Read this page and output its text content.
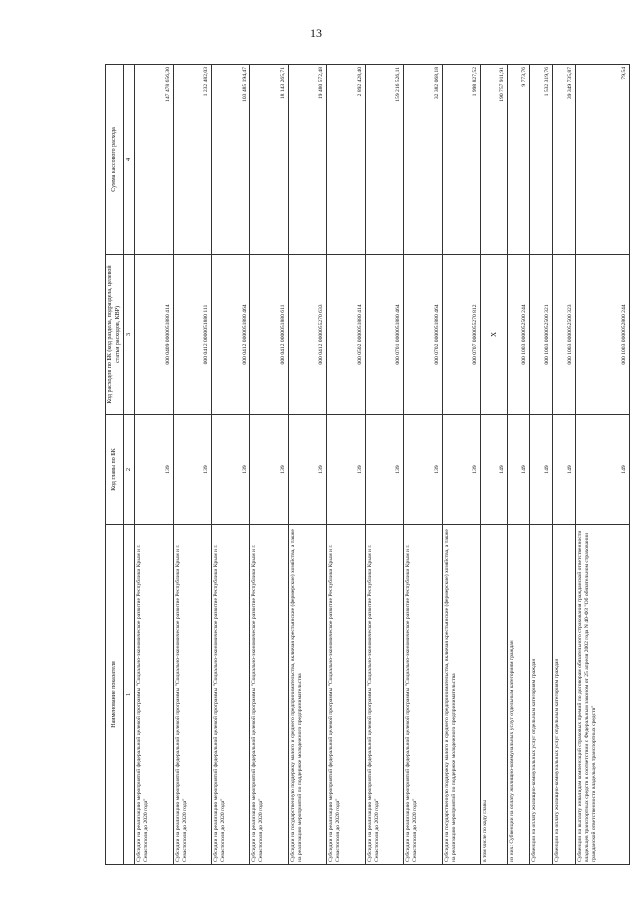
13
Наименование показателя	Код главы по БК	Код расходов по БК (код раздела, подраздела, целевой статьи расходов, КВР)	Сумма кассового расхода
1	2	3	4
Субсидии на реализацию мероприятий федеральной целевой программы "Социально-экономическое развитие Республики Крым и г. Севастополя до 2020 года"	139	000 0409 0000051880 414	147 478 656,30
Субсидии на реализацию мероприятий федеральной целевой программы "Социально-экономическое развитие Республики Крым и г. Севастополя до 2020 года"	139	000 0412 0000051880 111	1 232 482,03
Субсидии на реализацию мероприятий федеральной целевой программы "Социально-экономическое развитие Республики Крым и г. Севастополя до 2020 года"	139	000 0412 0000051880 464	103 485 194,47
Субсидии на реализацию мероприятий федеральной целевой программы "Социально-экономическое развитие Республики Крым и г. Севастополя до 2020 года"	139	000 0412 0000051880 611	18 143 265,71
Субсидии на государственную поддержку малого и среднего предпринимательства, включая крестьянские (фермерские) хозяйства, а также на реализацию мероприятий по поддержке молодежного предпринимательства	139	000 0412 0000055270 633	19 480 572,48
Субсидии на реализацию мероприятий федеральной целевой программы "Социально-экономическое развитие Республики Крым и г. Севастополя до 2020 года"	139	000 0502 0000051880 414	2 892 428,40
Субсидии на реализацию мероприятий федеральной целевой программы "Социально-экономическое развитие Республики Крым и г. Севастополя до 2020 года"	139	000 0701 0000051880 464	159 216 526,11
Субсидии на реализацию мероприятий федеральной целевой программы "Социально-экономическое развитие Республики Крым и г. Севастополя до 2020 года"	139	000 0702 0000051880 464	32 382 068,18
Субсидии на государственную поддержку малого и среднего предпринимательства, включая крестьянские (фермерские) хозяйства, а также на реализацию мероприятий по поддержке молодежного предпринимательства	139	000 0707 0000055270 812	1 998 827,52
в том числе по коду главы	149	X	190 757 911,91
из них: Субвенции на оплату жилищно-коммунальных услуг отдельным категориям граждан	149	000 1003 0000052500 244	9 773,76
Субвенции на оплату жилищно-коммунальных услуг отдельным категориям граждан	149	000 1003 0000052500 321	1 532 319,76
Субвенции на оплату жилищно-коммунальных услуг отдельным категориям граждан	149	000 1003 0000052500 323	39 349 735,87
Субвенции на выплату инвалидам компенсаций страховых премий по договорам обязательного страхования гражданской ответственности владельцев транспортных средств в соответствии с Федеральным законом от 25 апреля 2002 года N 40-ФЗ "Об обязательном страховании гражданской ответственности владельцев транспортных средств"	149	000 1003 0000052800 244	79,54
